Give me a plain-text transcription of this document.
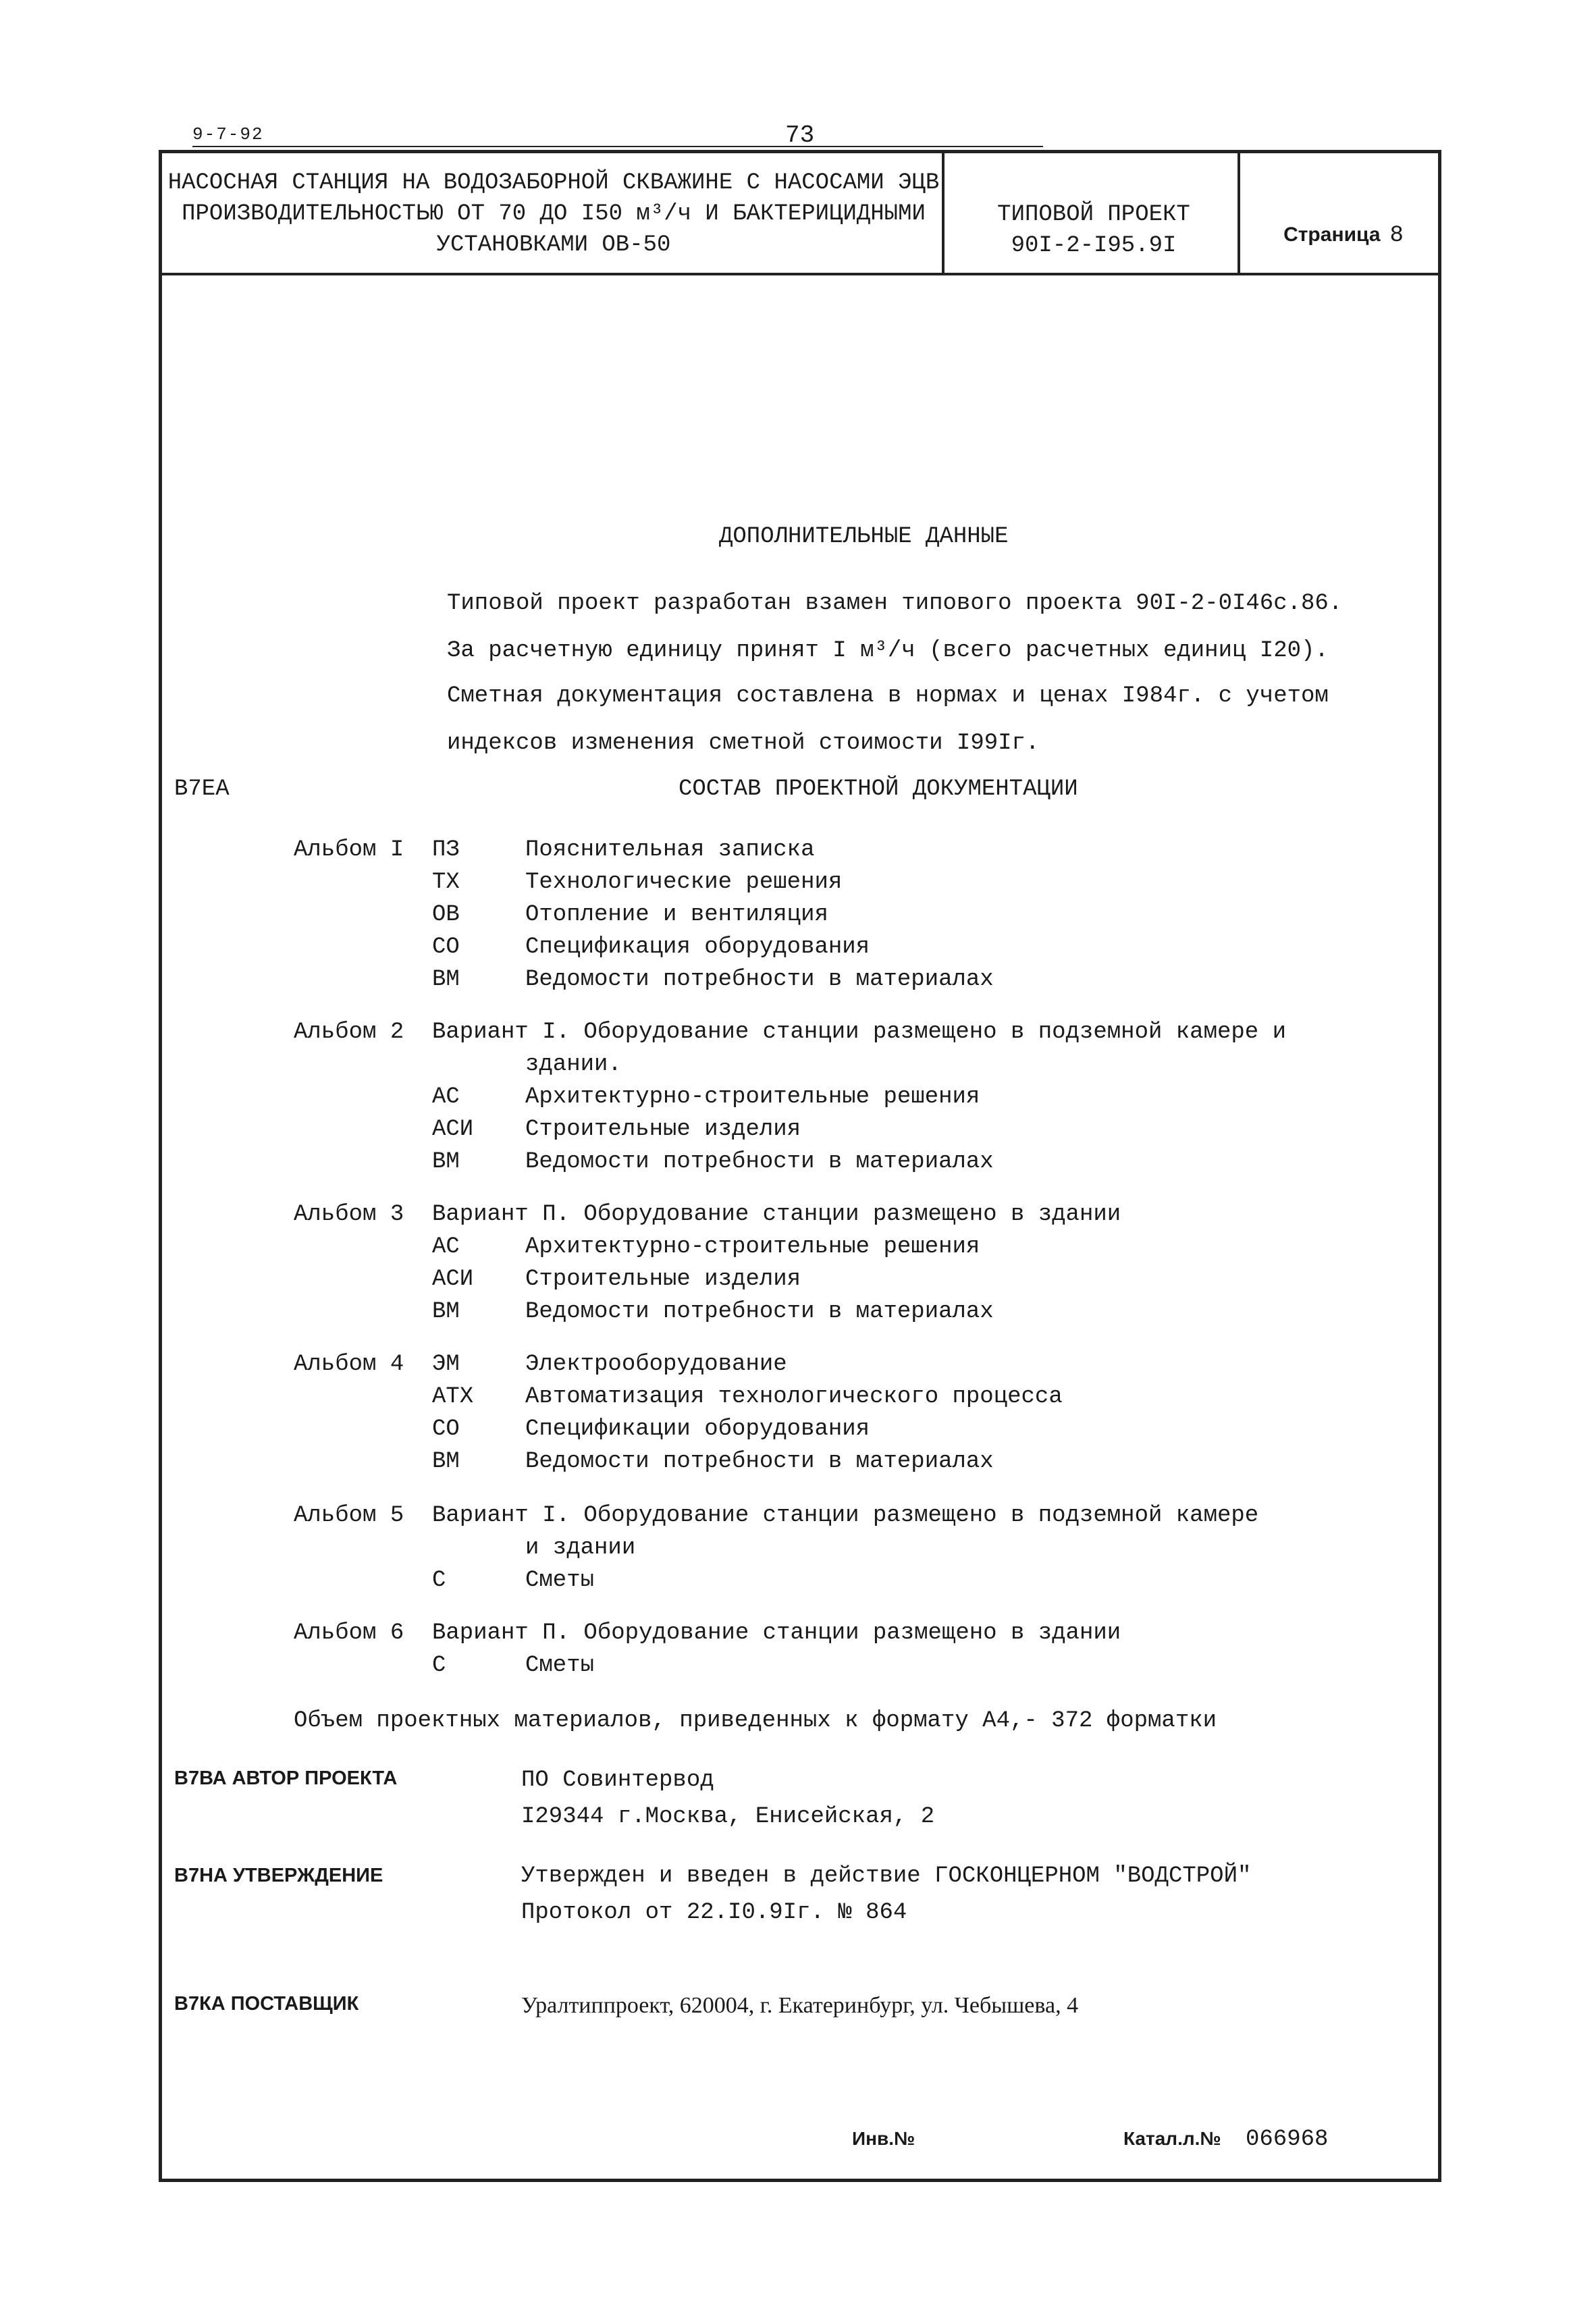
9-7-92	73
НАСОСНАЯ СТАНЦИЯ НА ВОДОЗАБОРНОЙ СКВАЖИНЕ С НАСОСАМИ ЭЦВ
ПРОИЗВОДИТЕЛЬНОСТЬЮ ОТ 70 ДО I50 м³/ч И БАКТЕРИЦИДНЫМИ
УСТАНОВКАМИ ОВ-50
ТИПОВОЙ ПРОЕКТ
90I-2-I95.9I	Страница 8
ДОПОЛНИТЕЛЬНЫЕ ДАННЫЕ
Типовой проект разработан взамен типового проекта 90I-2-0I46с.86.
За расчетную единицу принят I м³/ч (всего расчетных единиц I20).
Сметная документация составлена в нормах и ценах I984г. с учетом
индексов изменения сметной стоимости I99Iг.
В7ЕА	СОСТАВ ПРОЕКТНОЙ ДОКУМЕНТАЦИИ
Альбом I ПЗ	Пояснительная записка
ТХ	Технологические решения
ОВ	Отопление и вентиляция
СО	Спецификация оборудования
ВМ	Ведомости потребности в материалах
Альбом 2 Вариант I. Оборудование станции размещено в подземной камере и
здании.
АС	Архитектурно-строительные решения
АСИ Строительные изделия
ВМ	Ведомости потребности в материалах
Альбом 3 Вариант П. Оборудование станции размещено в здании
АС	Архитектурно-строительные решения
АСИ Строительные изделия
ВМ	Ведомости потребности в материалах
Альбом 4 ЭМ	Электрооборудование
АТХ Автоматизация технологического процесса
СО	Спецификации оборудования
ВМ	Ведомости потребности в материалах
Альбом 5 Вариант I. Оборудование станции размещено в подземной камере
и здании
С	Сметы
Альбом 6 Вариант П. Оборудование станции размещено в здании
С	Сметы
Объем проектных материалов, приведенных к формату А4,- 372 форматки
В7ВА АВТОР ПРОЕКТА	ПО Совинтервод
I29344 г.Москва, Енисейская, 2
В7НА УТВЕРЖДЕНИЕ	Утвержден и введен в действие ГОСКОНЦЕРНОМ "ВОДСТРОЙ"
Протокол от 22.I0.9Iг. № 864
В7КА ПОСТАВЩИК	Уралтиппроект, 620004, г. Екатеринбург, ул. Чебышева, 4
Инв.№	Катал.л.№ 066968
